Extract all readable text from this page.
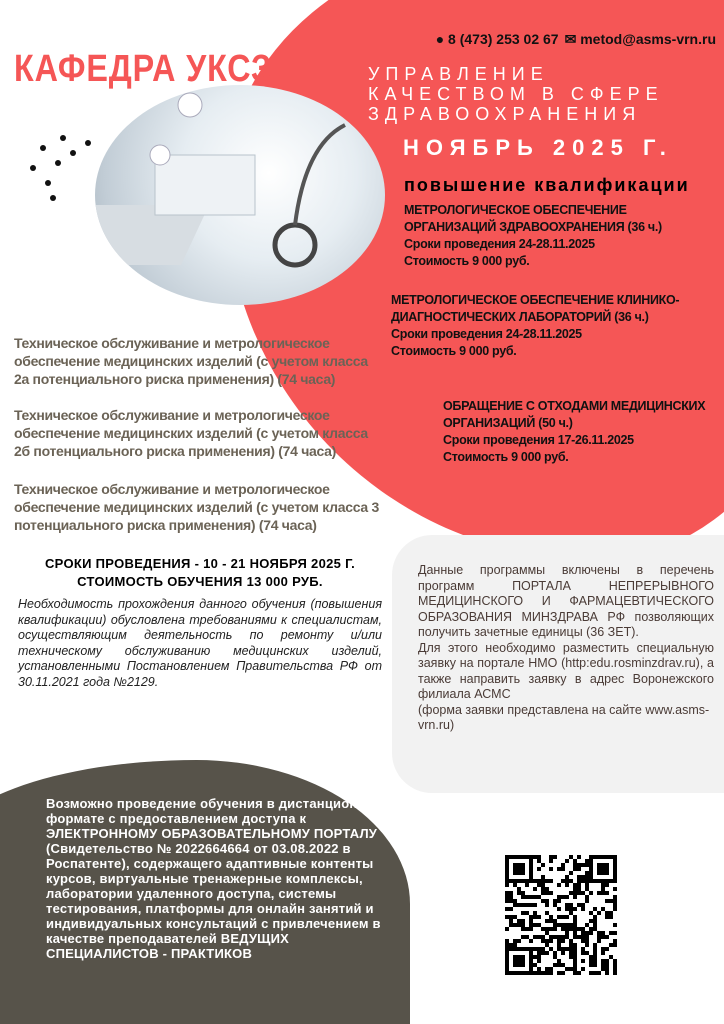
КАФЕДРА УКСЗ
● 8 (473) 253 02 67 ✉ metod@asms-vrn.ru
УПРАВЛЕНИЕ
КАЧЕСТВОМ В СФЕРЕ
ЗДРАВООХРАНЕНИЯ
НОЯБРЬ 2025 Г.
повышение квалификации
МЕТРОЛОГИЧЕСКОЕ ОБЕСПЕЧЕНИЕ ОРГАНИЗАЦИЙ ЗДРАВООХРАНЕНИЯ (36 ч.)
Сроки проведения 24-28.11.2025
Стоимость 9 000 руб.
МЕТРОЛОГИЧЕСКОЕ ОБЕСПЕЧЕНИЕ КЛИНИКО-ДИАГНОСТИЧЕСКИХ ЛАБОРАТОРИЙ (36 ч.)
Сроки проведения 24-28.11.2025
Стоимость 9 000 руб.
ОБРАЩЕНИЕ С ОТХОДАМИ МЕДИЦИНСКИХ ОРГАНИЗАЦИЙ (50 ч.)
Сроки проведения 17-26.11.2025
Стоимость 9 000 руб.
Техническое обслуживание и метрологическое обеспечение медицинских изделий (с учетом класса 2а потенциального риска применения) (74 часа)
Техническое обслуживание и метрологическое обеспечение медицинских изделий (с учетом класса 2б потенциального риска применения) (74 часа)
Техническое обслуживание и метрологическое обеспечение медицинских изделий (с учетом класса 3 потенциального риска применения) (74 часа)
СРОКИ ПРОВЕДЕНИЯ - 10 - 21 НОЯБРЯ 2025 Г.
СТОИМОСТЬ ОБУЧЕНИЯ 13 000 РУБ.
Необходимость прохождения данного обучения (повышения квалификации) обусловлена требованиями к специалистам, осуществляющим деятельность по ремонту и/или техническому обслуживанию медицинских изделий, установленными Постановлением Правительства РФ от 30.11.2021 года №2129.
Данные программы включены в перечень программ ПОРТАЛА НЕПРЕРЫВНОГО МЕДИЦИНСКОГО И ФАРМАЦЕВТИЧЕСКОГО ОБРАЗОВАНИЯ МИНЗДРАВА РФ позволяющих получить зачетные единицы (36 ЗЕТ).
Для этого необходимо разместить специальную заявку на портале НМО (http:edu.rosminzdrav.ru), а также направить заявку в адрес Воронежского филиала АСМС
(форма заявки представлена на сайте www.asms-vrn.ru)
Возможно проведение обучения в дистанционном формате с предоставлением доступа к ЭЛЕКТРОННОМУ ОБРАЗОВАТЕЛЬНОМУ ПОРТАЛУ (Свидетельство № 2022664664 от 03.08.2022 в Роспатенте), содержащего адаптивные контенты курсов, виртуальные тренажерные комплексы, лаборатории удаленного доступа, системы тестирования, платформы для онлайн занятий и индивидуальных консультаций с привлечением в качестве преподавателей ВЕДУЩИХ СПЕЦИАЛИСТОВ - ПРАКТИКОВ
